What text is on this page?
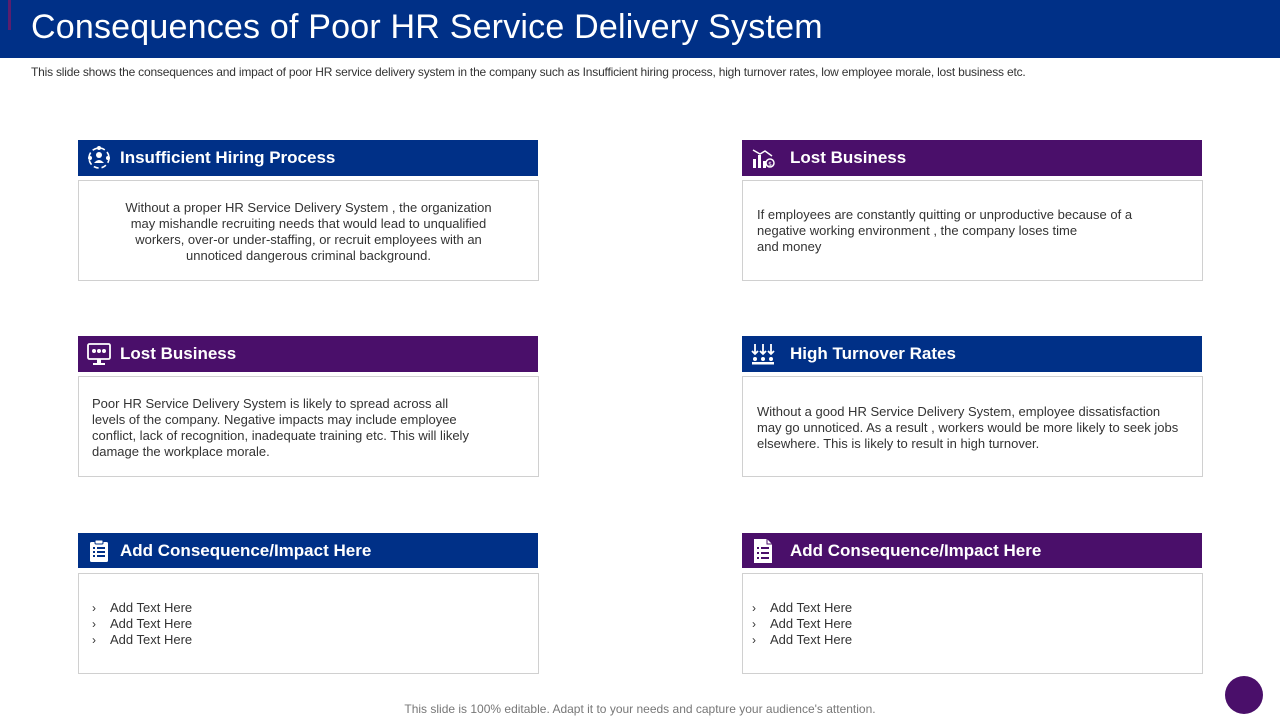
Consequences of Poor HR Service Delivery System
This slide shows the consequences and impact of poor HR service delivery system in the company such as Insufficient hiring process, high turnover rates, low employee morale, lost business etc.
Insufficient Hiring Process
Without a proper HR Service Delivery System , the organization
may mishandle recruiting needs that would lead to unqualified
workers, over-or under-staffing, or recruit employees with an
unnoticed dangerous criminal background.
$ Lost Business
If employees are constantly quitting or unproductive because of a
negative working environment , the company loses time
and money
Lost Business
Poor HR Service Delivery System is likely to spread across all
levels of the company. Negative impacts may include employee
conflict, lack of recognition, inadequate training etc. This will likely
damage the workplace morale.
High Turnover Rates
Without a good HR Service Delivery System, employee dissatisfaction
may go unnoticed. As a result , workers would be more likely to seek jobs
elsewhere. This is likely to result in high turnover.
Add Consequence/Impact Here
›	Add Text Here
›	Add Text Here
›	Add Text Here
Add Consequence/Impact Here
›	Add Text Here
›	Add Text Here
›	Add Text Here
This slide is 100% editable. Adapt it to your needs and capture your audience's attention.
